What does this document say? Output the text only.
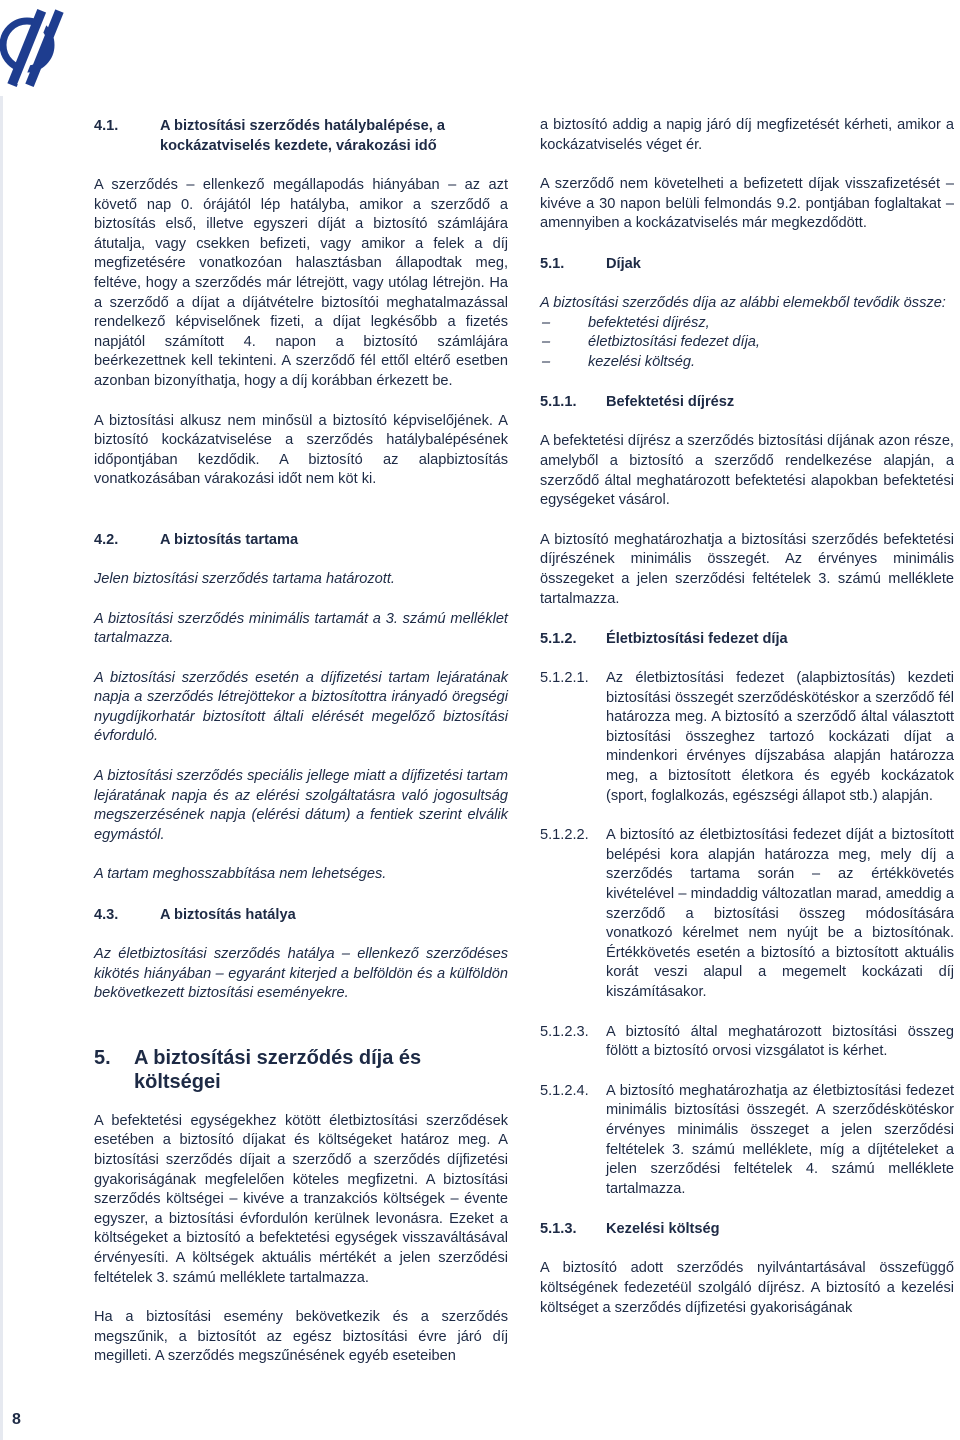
8
4.1.	A biztosítási szerződés hatálybalépése, a kockázatviselés kezdete, várakozási idő

A szerződés – ellenkező megállapodás hiányában – az azt követő nap 0. órájától lép hatályba, amikor a szerződő a biztosítás első, illetve egyszeri díját a biztosító számlájára átutalja, vagy csekken befizeti, vagy amikor a felek a díj megfizetésére vonatkozóan halasztásban állapodtak meg, feltéve, hogy a szerződés már létrejött, vagy utólag létrejön. Ha a szerződő a díjat a díjátvételre biztosítói meghatalmazással rendelkező képviselőnek fizeti, a díjat legkésőbb a fizetés napjától számított 4. napon a biztosító számlájára beérkezettnek kell tekinteni. A szerződő fél ettől eltérő esetben azonban bizonyíthatja, hogy a díj korábban érkezett be.

A biztosítási alkusz nem minősül a biztosító képviselőjének. A biztosító kockázatviselése a szerződés hatálybalépésének időpontjában kezdődik. A biztosító az alapbiztosítás vonatkozásában várakozási időt nem köt ki.

4.2.	A biztosítás tartama

Jelen biztosítási szerződés tartama határozott.

A biztosítási szerződés minimális tartamát a 3. számú melléklet tartalmazza.

A biztosítási szerződés esetén a díjfizetési tartam lejáratának napja a szerződés létrejöttekor a biztosítottra irányadó öregségi nyugdíjkorhatár biztosított általi elérését megelőző biztosítási évforduló.

A biztosítási szerződés speciális jellege miatt a díjfizetési tartam lejáratának napja és az elérési szolgáltatásra való jogosultság megszerzésének napja (elérési dátum) a fentiek szerint elválik egymástól.

A tartam meghosszabbítása nem lehetséges.

4.3.	A biztosítás hatálya

Az életbiztosítási szerződés hatálya – ellenkező szerződéses kikötés hiányában – egyaránt kiterjed a belföldön és a külföldön bekövetkezett biztosítási eseményekre.

5.	A biztosítási szerződés díja és költségei

A befektetési egységekhez kötött életbiztosítási szerződések esetében a biztosító díjakat és költségeket határoz meg. A biztosítási szerződés díjait a szerződő a szerződés díjfizetési gyakoriságának megfelelően köteles megfizetni. A biztosítási szerződés költségei – kivéve a tranzakciós költségek – évente egyszer, a biztosítási évfordulón kerülnek levonásra. Ezeket a költségeket a biztosító a befektetési egységek visszaváltásával érvényesíti. A költségek aktuális mértékét a jelen szerződési feltételek 3. számú melléklete tartalmazza.

Ha a biztosítási esemény bekövetkezik és a szerződés megszűnik, a biztosítót az egész biztosítási évre járó díj megilleti. A szerződés megszűnésének egyéb eseteiben

a biztosító addig a napig járó díj megfizetését kérheti, amikor a kockázatviselés véget ér.

A szerződő nem követelheti a befizetett díjak visszafizetését – kivéve a 30 napon belüli felmondás 9.2. pontjában foglaltakat – amennyiben a kockázatviselés már megkezdődött.

5.1.	Díjak

A biztosítási szerződés díja az alábbi elemekből tevődik össze:

–	befektetési díjrész,
–	életbiztosítási fedezet díja,
–	kezelési költség.
5.1.1.	Befektetési díjrész

A befektetési díjrész a szerződés biztosítási díjának azon része, amelyből a biztosító a szerződő rendelkezése alapján, a szerződő által meghatározott befektetési alapokban befektetési egységeket vásárol.

A biztosító meghatározhatja a biztosítási szerződés befektetési díjrészének minimális összegét. Az érvényes minimális összegeket a jelen szerződési feltételek 3. számú melléklete tartalmazza.

5.1.2.	Életbiztosítási fedezet díja
5.1.2.1.	Az életbiztosítási fedezet (alapbiztosítás) kezdeti biztosítási összegét szerződéskötéskor a szerződő fél határozza meg. A biztosító a szerződő által választott biztosítási összeghez tartozó kockázati díjat a mindenkori érvényes díjszabása alapján határozza meg, a biztosított életkora és egyéb kockázatok (sport, foglalkozás, egészségi állapot stb.) alapján.
5.1.2.2.	A biztosító az életbiztosítási fedezet díját a biztosított belépési kora alapján határozza meg, mely díj a szerződés tartama során – az értékkövetés kivételével – mindaddig változatlan marad, ameddig a szerződő a biztosítási összeg módosítására vonatkozó kérelmet nem nyújt be a biztosítónak. Értékkövetés esetén a biztosító a biztosított aktuális korát veszi alapul a megemelt kockázati díj kiszámításakor.
5.1.2.3.	A biztosító által meghatározott biztosítási összeg fölött a biztosító orvosi vizsgálatot is kérhet.
5.1.2.4.	A biztosító meghatározhatja az életbiztosítási fedezet minimális biztosítási összegét. A szerződéskötéskor érvényes minimális összeget a jelen szerződési feltételek 3. számú melléklete, míg a díjtételeket a jelen szerződési feltételek 4. számú melléklete tartalmazza.
5.1.3.	Kezelési költség

A biztosító adott szerződés nyilvántartásával összefüggő költségének fedezetéül szolgáló díjrész. A biztosító a kezelési költséget a szerződés díjfizetési gyakoriságának
